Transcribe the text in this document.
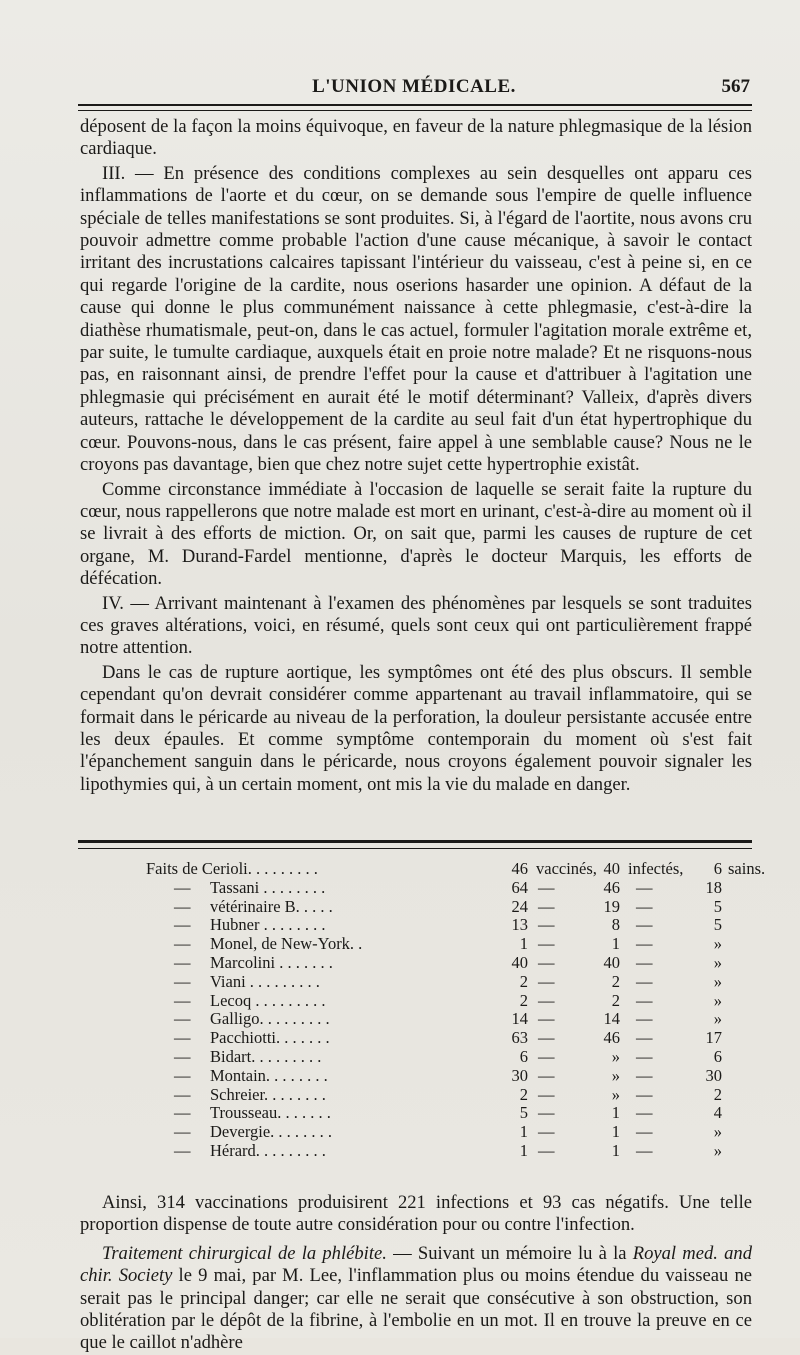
L'UNION MÉDICALE.	567

déposent de la façon la moins équivoque, en faveur de la nature phlegmasique de la lésion cardiaque.

III. — En présence des conditions complexes au sein desquelles ont apparu ces inflammations de l'aorte et du cœur, on se demande sous l'empire de quelle influence spéciale de telles manifestations se sont produites. Si, à l'égard de l'aortite, nous avons cru pouvoir admettre comme probable l'action d'une cause mécanique, à savoir le contact irritant des incrustations calcaires tapissant l'intérieur du vaisseau, c'est à peine si, en ce qui regarde l'origine de la cardite, nous oserions hasarder une opinion. A défaut de la cause qui donne le plus communément naissance à cette phlegmasie, c'est-à-dire la diathèse rhumatismale, peut-on, dans le cas actuel, formuler l'agitation morale extrême et, par suite, le tumulte cardiaque, auxquels était en proie notre malade? Et ne risquons-nous pas, en raisonnant ainsi, de prendre l'effet pour la cause et d'attribuer à l'agitation une phlegmasie qui précisément en aurait été le motif déterminant? Valleix, d'après divers auteurs, rattache le développement de la cardite au seul fait d'un état hypertrophique du cœur. Pouvons-nous, dans le cas présent, faire appel à une semblable cause? Nous ne le croyons pas davantage, bien que chez notre sujet cette hypertrophie existât.

Comme circonstance immédiate à l'occasion de laquelle se serait faite la rupture du cœur, nous rappellerons que notre malade est mort en urinant, c'est-à-dire au moment où il se livrait à des efforts de miction. Or, on sait que, parmi les causes de rupture de cet organe, M. Durand-Fardel mentionne, d'après le docteur Marquis, les efforts de défécation.

IV. — Arrivant maintenant à l'examen des phénomènes par lesquels se sont traduites ces graves altérations, voici, en résumé, quels sont ceux qui ont particulièrement frappé notre attention.

Dans le cas de rupture aortique, les symptômes ont été des plus obscurs. Il semble cependant qu'on devrait considérer comme appartenant au travail inflammatoire, qui se formait dans le péricarde au niveau de la perforation, la douleur persistante accusée entre les deux épaules. Et comme symptôme contemporain du moment où s'est fait l'épanchement sanguin dans le péricarde, nous croyons également pouvoir signaler les lipothymies qui, à un certain moment, ont mis la vie du malade en danger.

Faits de Cerioli. . . . . . . . .	46 vaccinés, 40 infectés,	6 sains.
— Tassani . . . . . . . .	64 —	46 —	18
— vétérinaire B. . . . .	24 —	19 —	5
— Hubner . . . . . . . .	13 —	8 —	5
— Monel, de New-York. .	1 —	1 —	»
— Marcolini . . . . . . .	40 —	40 —	»
— Viani . . . . . . . . .	2 —	2 —	»
— Lecoq . . . . . . . . .	2 —	2 —	»
— Galligo. . . . . . . . .	14 —	14 —	»
— Pacchiotti. . . . . . .	63 —	46 —	17
— Bidart. . . . . . . . .	6 —	» —	6
— Montain. . . . . . . .	30 —	» —	30
— Schreier. . . . . . . .	2 —	» —	2
— Trousseau. . . . . . .	5 —	1 —	4
— Devergie. . . . . . . .	1 —	1 —	»
— Hérard. . . . . . . . .	1 —	1 —	»

Ainsi, 314 vaccinations produisirent 221 infections et 93 cas négatifs. Une telle proportion dispense de toute autre considération pour ou contre l'infection.

Traitement chirurgical de la phlébite. — Suivant un mémoire lu à la Royal med. and chir. Society le 9 mai, par M. Lee, l'inflammation plus ou moins étendue du vaisseau ne serait pas le principal danger; car elle ne serait que consécutive à son obstruction, son oblitération par le dépôt de la fibrine, à l'embolie en un mot. Il en trouve la preuve en ce que le caillot n'adhère
